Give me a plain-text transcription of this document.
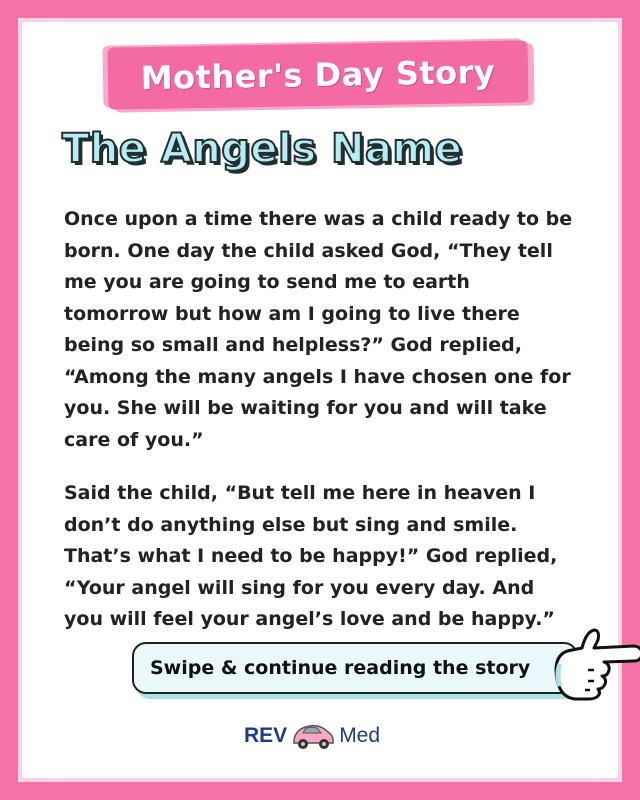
Mother's Day Story
The Angels Name

Once upon a time there was a child ready to be born. One day the child asked God, “They tell me you are going to send me to earth tomorrow but how am I going to live there being so small and helpless?” God replied, “Among the many angels I have chosen one for you. She will be waiting for you and will take care of you.”

Said the child, “But tell me here in heaven I don’t do anything else but sing and smile. That’s what I need to be happy!” God replied, “Your angel will sing for you every day. And you will feel your angel’s love and be happy.”

Swipe & continue reading the story
REV Med
